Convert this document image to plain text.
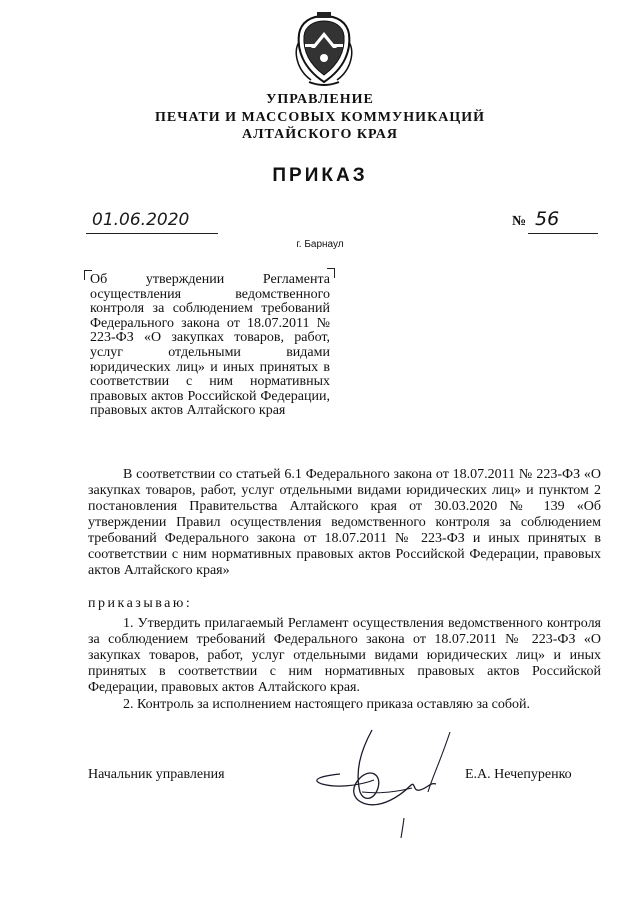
УПРАВЛЕНИЕ
ПЕЧАТИ И МАССОВЫХ КОММУНИКАЦИЙ
АЛТАЙСКОГО КРАЯ
ПРИКАЗ
01.06.2020	№ 56
г. Барнаул
Об утверждении Регламента осуществления ведомственного контроля за соблюдением требований Федерального закона от 18.07.2011 № 223-ФЗ «О закупках товаров, работ, услуг отдельными видами юридических лиц» и иных принятых в соответствии с ним нормативных правовых актов Российской Федерации, правовых актов Алтайского края
В соответствии со статьей 6.1 Федерального закона от 18.07.2011 № 223-ФЗ «О закупках товаров, работ, услуг отдельными видами юридических лиц» и пунктом 2 постановления Правительства Алтайского края от 30.03.2020 № 139 «Об утверждении Правил осуществления ведомственного контроля за соблюдением требований Федерального закона от 18.07.2011 № 223-ФЗ и иных принятых в соответствии с ним нормативных правовых актов Российской Федерации, правовых актов Алтайского края»
приказываю:
1. Утвердить прилагаемый Регламент осуществления ведомственного контроля за соблюдением требований Федерального закона от 18.07.2011 № 223-ФЗ «О закупках товаров, работ, услуг отдельными видами юридических лиц» и иных принятых в соответствии с ним нормативных правовых актов Российской Федерации, правовых актов Алтайского края.
2. Контроль за исполнением настоящего приказа оставляю за собой.
Начальник управления	Е.А. Нечепуренко
